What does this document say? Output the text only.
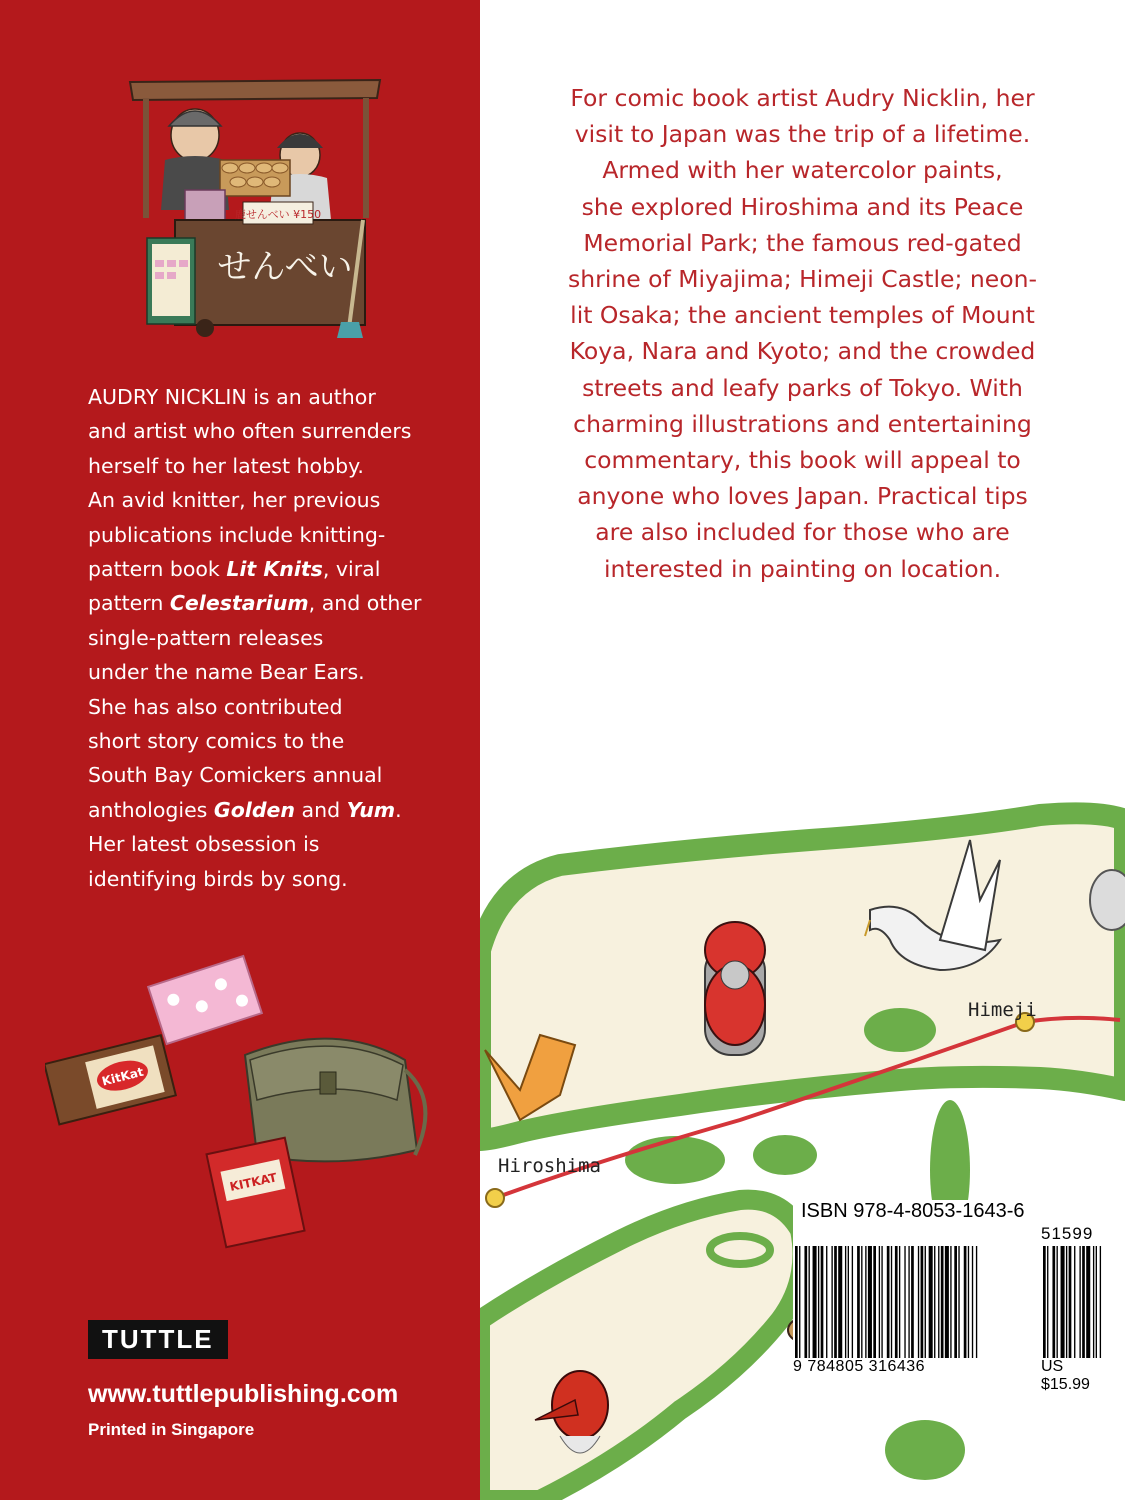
鹿せんべい ¥150
せんべい

AUDRY NICKLIN is an author

and artist who often surrenders

herself to her latest hobby.

An avid knitter, her previous

publications include knitting-

pattern book Lit Knits, viral

pattern Celestarium, and other

single-pattern releases

under the name Bear Ears.

She has also contributed

short story comics to the

South Bay Comickers annual

anthologies Golden and Yum.

Her latest obsession is

identifying birds by song.

KitKat
KITKAT
TUTTLE
www.tuttlepublishing.com
Printed in Singapore
For comic book artist Audry Nicklin, her
visit to Japan was the trip of a lifetime.
Armed with her watercolor paints,
she explored Hiroshima and its Peace
Memorial Park; the famous red-gated
shrine of Miyajima; Himeji Castle; neon-
lit Osaka; the ancient temples of Mount
Koya, Nara and Kyoto; and the crowded
streets and leafy parks of Tokyo. With
charming illustrations and entertaining
commentary, this book will appeal to
anyone who loves Japan. Practical tips
are also included for those who are
interested in painting on location.
Himeji
Hiroshima
ISBN 978-4-8053-1643-6
51599
9 784805 316436	US $15.99
